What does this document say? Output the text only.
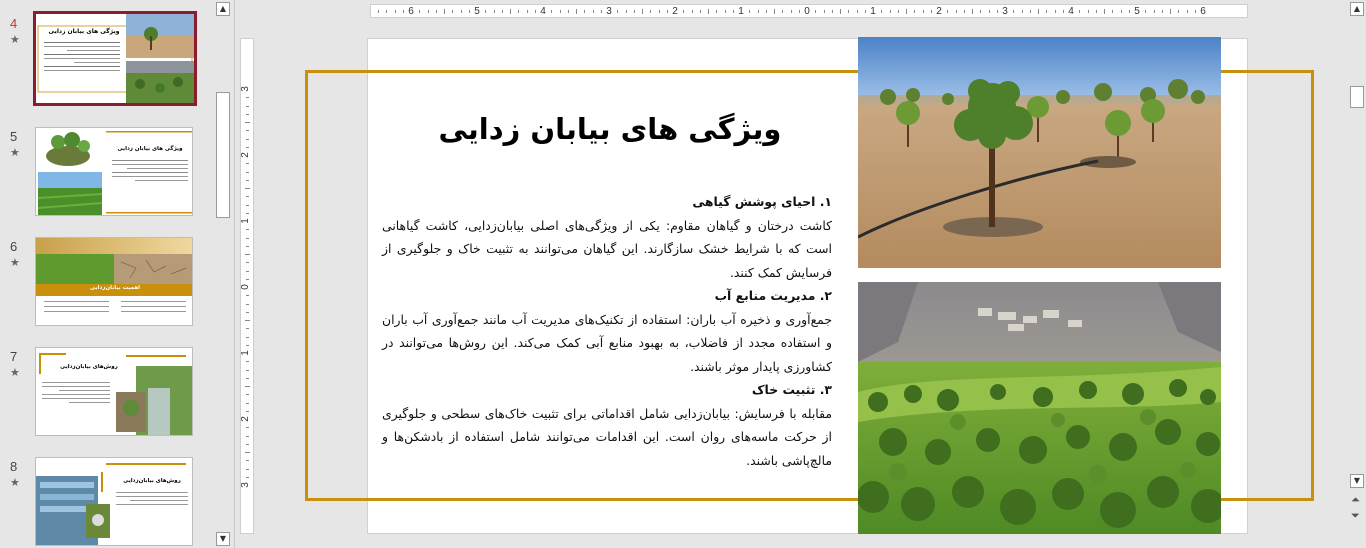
4
★
ویژگی های بیابان زدایی
5
★	ویژگی های بیابان زدایی
6
★
اهمیت بیابان‌زدایی
7
★	روش‌های بیابان‌زدایی
8
★	روش‌های بیابان‌زدایی
▲
▼
6	5	4	3	2	1	0	1	2	3	4	5	6
3
2
1
0
1
2
3
ویژگی های بیابان زدایی
۱. احیای پوشش گیاهی
کاشت درختان و گیاهان مقاوم: یکی از ویژگی‌های اصلی بیابان‌زدایی، کاشت گیاهانی است که با شرایط خشک سازگارند. این گیاهان می‌توانند به تثبیت خاک و جلوگیری از فرسایش کمک کنند.
۲. مدیریت منابع آب
جمع‌آوری و ذخیره آب باران: استفاده از تکنیک‌های مدیریت آب مانند جمع‌آوری آب باران و استفاده مجدد از فاضلاب، به بهبود منابع آبی کمک می‌کند. این روش‌ها می‌توانند در کشاورزی پایدار موثر باشند.
۳. تثبیت خاک
مقابله با فرسایش: بیابان‌زدایی شامل اقداماتی برای تثبیت خاک‌های سطحی و جلوگیری از حرکت ماسه‌های روان است. این اقدامات می‌توانند شامل استفاده از بادشکن‌ها و مالچ‌پاشی باشند.
▲
▼
⏶
⏷
